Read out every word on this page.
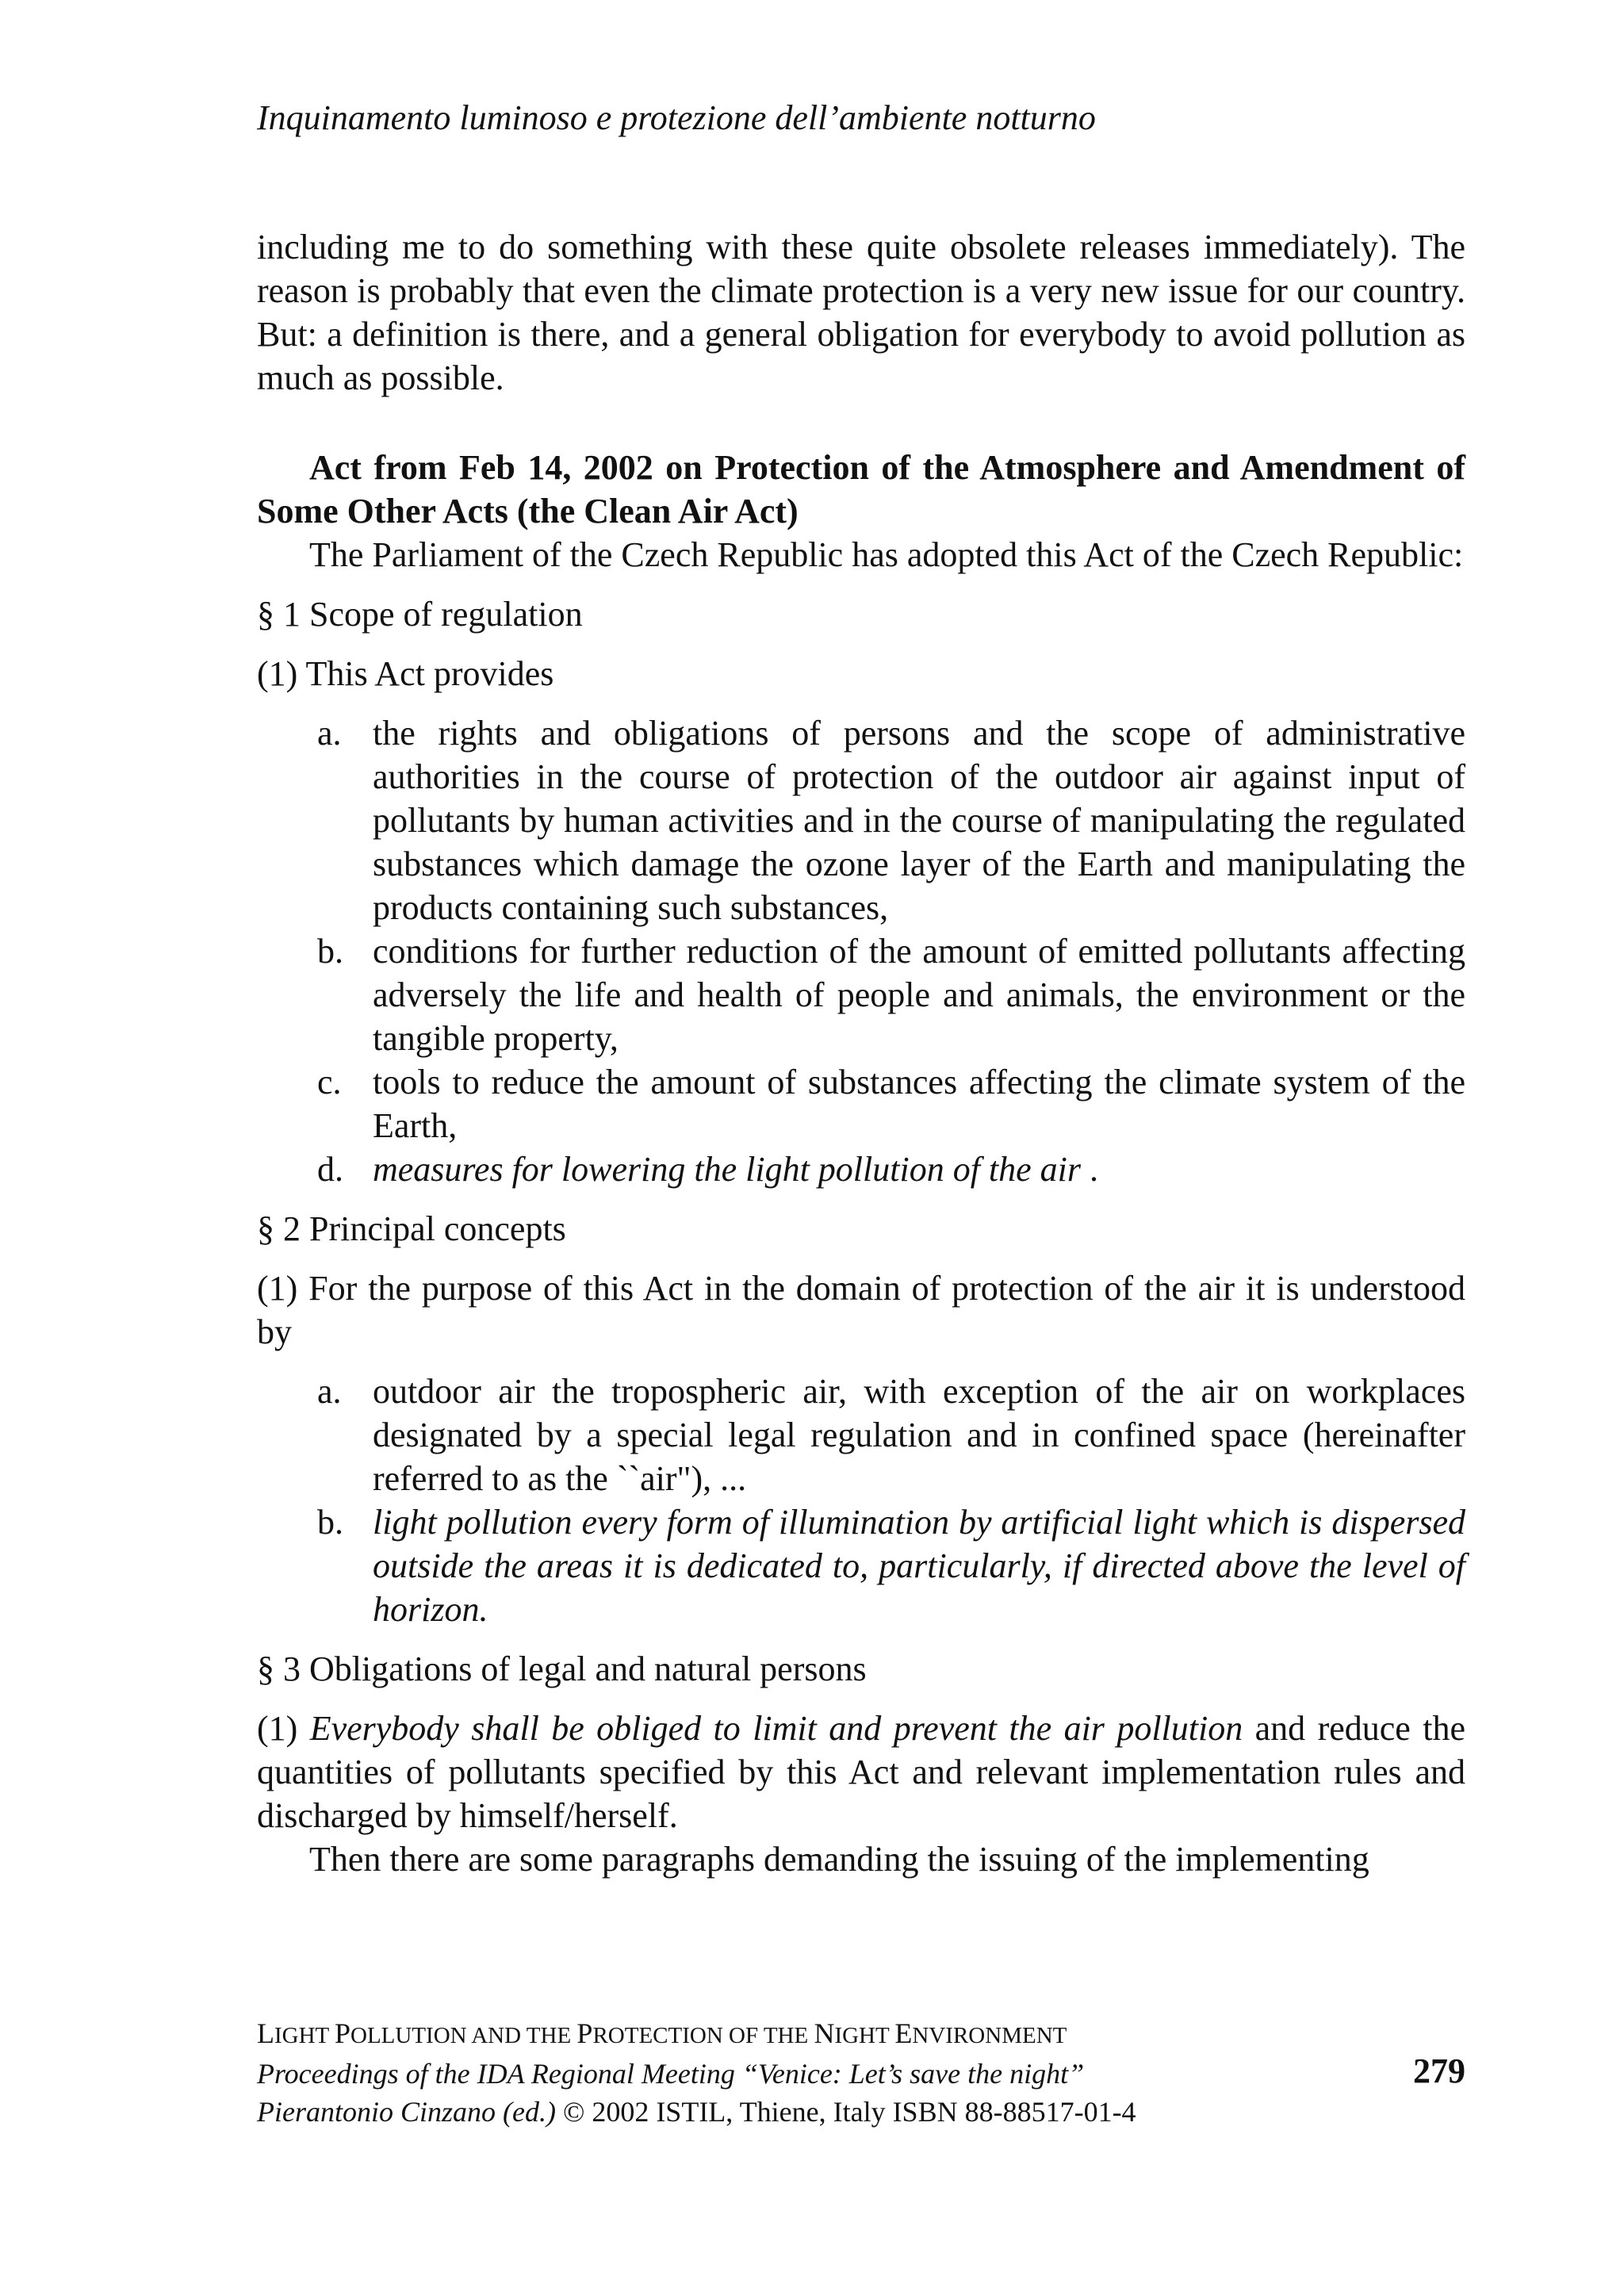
Inquinamento luminoso e protezione dell’ambiente notturno

including me to do something with these quite obsolete releases immediately). The reason is probably that even the climate protection is a very new issue for our country. But: a definition is there, and a general obligation for everybody to avoid pollution as much as possible.

Act from Feb 14, 2002 on Protection of the Atmosphere and Amendment of Some Other Acts (the Clean Air Act)

The Parliament of the Czech Republic has adopted this Act of the Czech Republic:

§ 1 Scope of regulation

(1) This Act provides

a. the rights and obligations of persons and the scope of administrative authorities in the course of protection of the outdoor air against input of pollutants by human activities and in the course of manipulating the regulated substances which damage the ozone layer of the Earth and manipulating the products containing such substances,
b. conditions for further reduction of the amount of emitted pollutants affecting adversely the life and health of people and animals, the environment or the tangible property,
c. tools to reduce the amount of substances affecting the climate system of the Earth,
d. measures for lowering the light pollution of the air .

§ 2 Principal concepts

(1) For the purpose of this Act in the domain of protection of the air it is understood by

a. outdoor air the tropospheric air, with exception of the air on workplaces designated by a special legal regulation and in confined space (hereinafter referred to as the ``air"), ...
b. light pollution every form of illumination by artificial light which is dispersed outside the areas it is dedicated to, particularly, if directed above the level of horizon.

§ 3 Obligations of legal and natural persons

(1) Everybody shall be obliged to limit and prevent the air pollution and reduce the quantities of pollutants specified by this Act and relevant implementation rules and discharged by himself/herself.

Then there are some paragraphs demanding the issuing of the implementing

LIGHT POLLUTION AND THE PROTECTION OF THE NIGHT ENVIRONMENT
Proceedings of the IDA Regional Meeting “Venice: Let’s save the night”
Pierantonio Cinzano (ed.) © 2002 ISTIL, Thiene, Italy ISBN 88-88517-01-4
279
